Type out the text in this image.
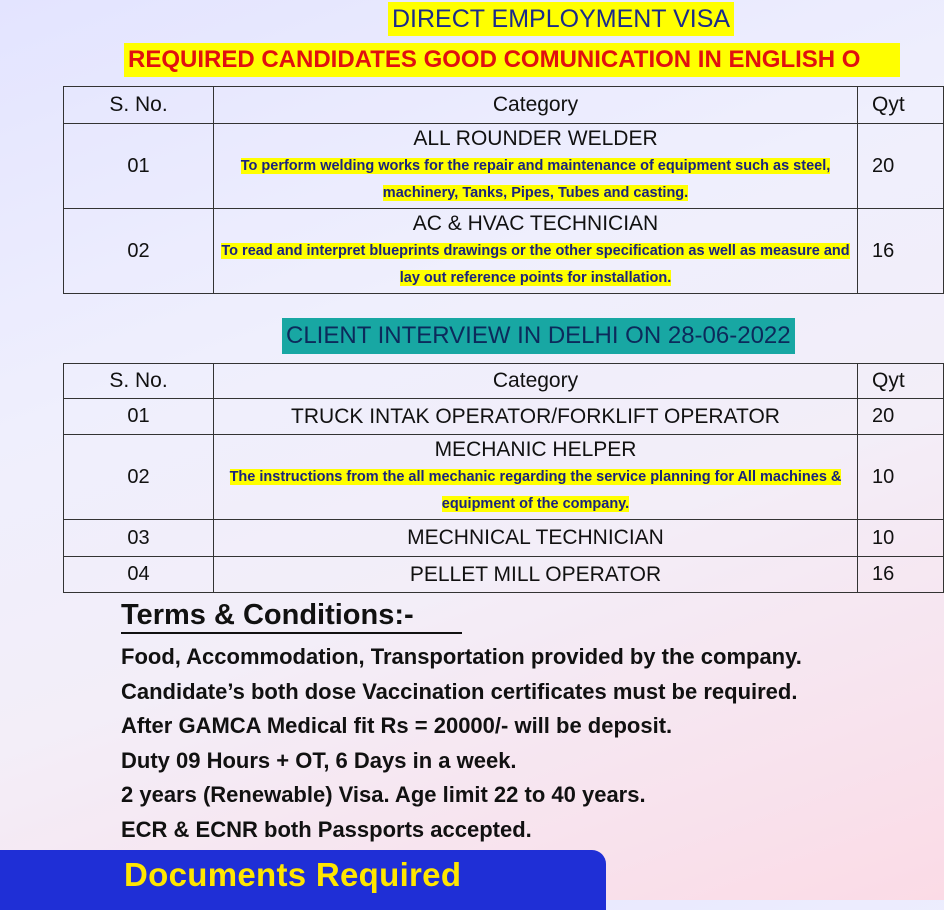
DIRECT EMPLOYMENT VISA
REQUIRED CANDIDATES GOOD COMUNICATION IN ENGLISH O
S. No.	Category	Qyt
01	ALL ROUNDER WELDER
To perform welding works for the repair and maintenance of equipment such as steel, machinery, Tanks, Pipes, Tubes and casting.	20
02	AC & HVAC TECHNICIAN
To read and interpret blueprints drawings or the other specification as well as measure and lay out reference points for installation.	16
CLIENT INTERVIEW IN DELHI ON 28-06-2022
S. No.	Category	Qyt
01	TRUCK INTAK OPERATOR/FORKLIFT OPERATOR	20
02	MECHANIC HELPER
The instructions from the all mechanic regarding the service planning for All machines & equipment of the company.	10
03	MECHNICAL TECHNICIAN	10
04	PELLET MILL OPERATOR	16
Terms & Conditions:-
Food, Accommodation, Transportation provided by the company.
Candidate’s both dose Vaccination certificates must be required.
After GAMCA Medical fit Rs = 20000/- will be deposit.
Duty 09 Hours + OT, 6 Days in a week.
2 years (Renewable) Visa. Age limit 22 to 40 years.
ECR & ECNR both Passports accepted.
Documents Required
